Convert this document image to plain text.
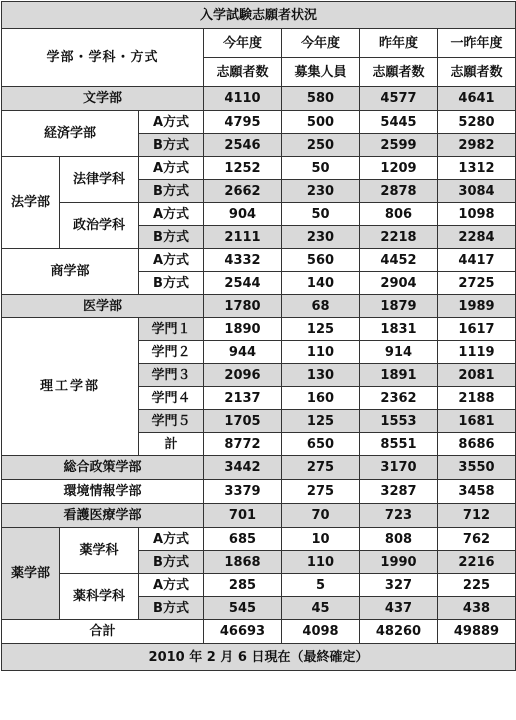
入学試験志願者状況						
学部・学科・方式			今年度	今年度	昨年度	一昨年度
			志願者数	募集人員	志願者数	志願者数
文学部			4110	580	4577	4641
経済学部		A方式	4795	500	5445	5280
		B方式	2546	250	2599	2982
法学部	法律学科	A方式	1252	50	1209	1312
		B方式	2662	230	2878	3084
	政治学科	A方式	904	50	806	1098
		B方式	2111	230	2218	2284
商学部		A方式	4332	560	4452	4417
		B方式	2544	140	2904	2725
医学部			1780	68	1879	1989
理工学部		学門１	1890	125	1831	1617
		学門２	944	110	914	1119
		学門３	2096	130	1891	2081
		学門４	2137	160	2362	2188
		学門５	1705	125	1553	1681
		計	8772	650	8551	8686
総合政策学部			3442	275	3170	3550
環境情報学部			3379	275	3287	3458
看護医療学部			701	70	723	712
薬学部	薬学科	A方式	685	10	808	762
		B方式	1868	110	1990	2216
	薬科学科	A方式	285	5	327	225
		B方式	545	45	437	438
合計			46693	4098	48260	49889
2010 年 2 月 6 日現在（最終確定）						
